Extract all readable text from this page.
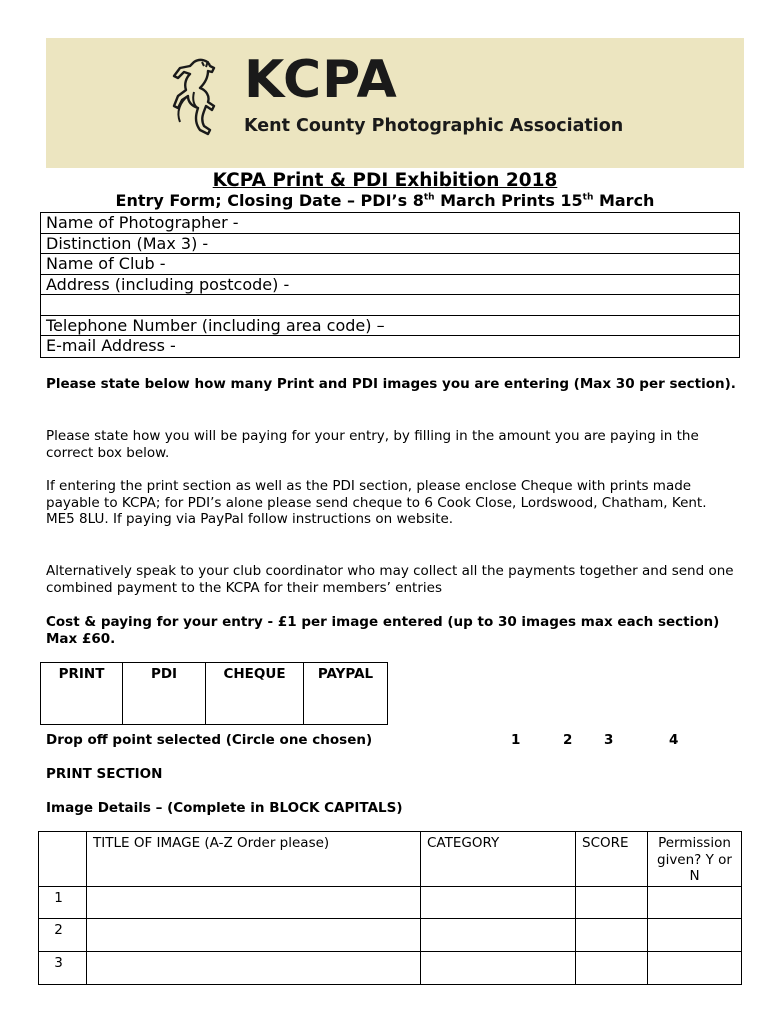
KCPA
Kent County Photographic Association
KCPA Print & PDI Exhibition 2018
Entry Form; Closing Date – PDI’s 8th March Prints 15th March
Name of Photographer -
Distinction (Max 3) -
Name of Club -
Address (including postcode) -
Telephone Number (including area code) –
E-mail Address -
Please state below how many Print and PDI images you are entering (Max 30 per section).
Please state how you will be paying for your entry, by filling in the amount you are paying in the correct box below.
If entering the print section as well as the PDI section, please enclose Cheque with prints made payable to KCPA; for PDI’s alone please send cheque to 6 Cook Close, Lordswood, Chatham, Kent. ME5 8LU. If paying via PayPal follow instructions on website.
Alternatively speak to your club coordinator who may collect all the payments together and send one combined payment to the KCPA for their members’ entries
Cost & paying for your entry - £1 per image entered (up to 30 images max each section) Max £60.
PRINT	PDI	CHEQUE	PAYPAL
Drop off point selected (Circle one chosen)	1	2 3	4
PRINT SECTION
Image Details – (Complete in BLOCK CAPITALS)
	TITLE OF IMAGE (A-Z Order please)	CATEGORY	SCORE	Permission given? Y or N
1				
2				
3				
